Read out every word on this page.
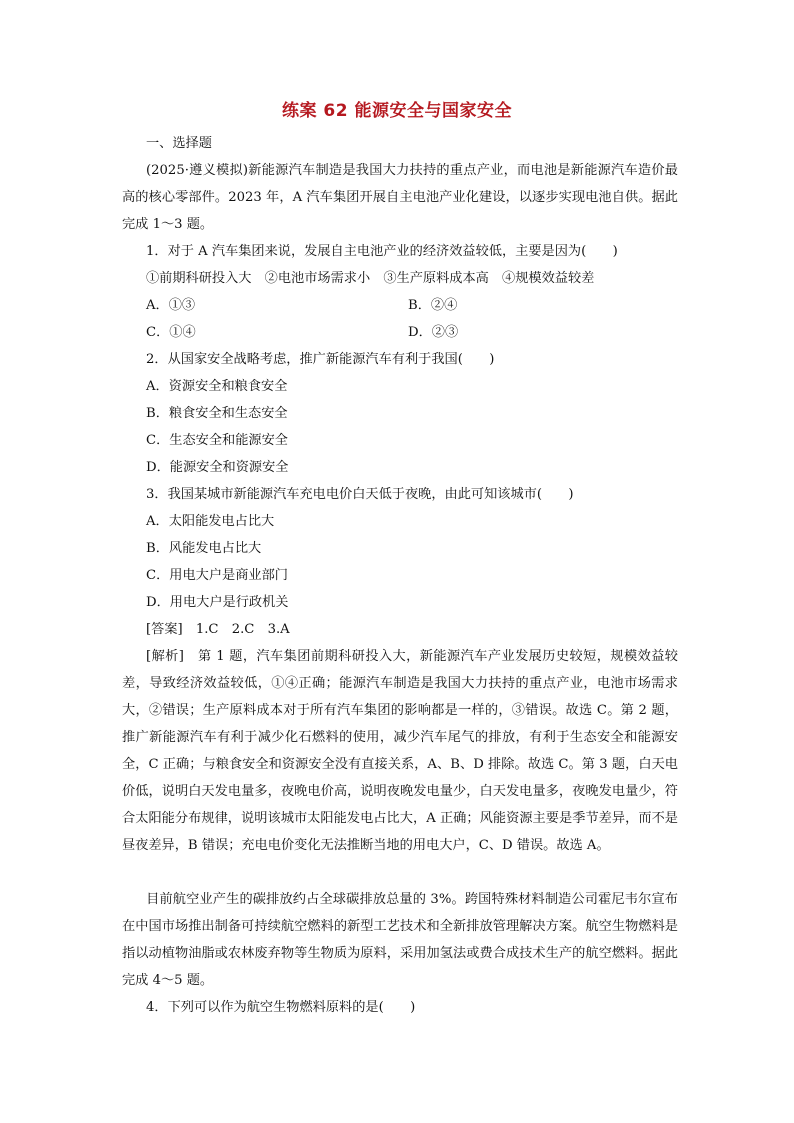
练案 62 能源安全与国家安全
一、选择题
(2025·遵义模拟)新能源汽车制造是我国大力扶持的重点产业，而电池是新能源汽车造价最高的核心零部件。2023 年，A 汽车集团开展自主电池产业化建设，以逐步实现电池自供。据此完成 1～3 题。
1．对于 A 汽车集团来说，发展自主电池产业的经济效益较低，主要是因为(　　)
①前期科研投入大　②电池市场需求小　③生产原料成本高　④规模效益较差
A．①③	B．②④
C．①④	D．②③
2．从国家安全战略考虑，推广新能源汽车有利于我国(　　)
A．资源安全和粮食安全
B．粮食安全和生态安全
C．生态安全和能源安全
D．能源安全和资源安全
3．我国某城市新能源汽车充电电价白天低于夜晚，由此可知该城市(　　)
A．太阳能发电占比大
B．风能发电占比大
C．用电大户是商业部门
D．用电大户是行政机关
[答案]　1.C　2.C　3.A
[解析]　第 1 题，汽车集团前期科研投入大，新能源汽车产业发展历史较短，规模效益较差，导致经济效益较低，①④正确；能源汽车制造是我国大力扶持的重点产业，电池市场需求大，②错误；生产原料成本对于所有汽车集团的影响都是一样的，③错误。故选 C。第 2 题，推广新能源汽车有利于减少化石燃料的使用，减少汽车尾气的排放，有利于生态安全和能源安全，C 正确；与粮食安全和资源安全没有直接关系，A、B、D 排除。故选 C。第 3 题，白天电价低，说明白天发电量多，夜晚电价高，说明夜晚发电量少，白天发电量多，夜晚发电量少，符合太阳能分布规律，说明该城市太阳能发电占比大，A 正确；风能资源主要是季节差异，而不是昼夜差异，B 错误；充电电价变化无法推断当地的用电大户，C、D 错误。故选 A。
目前航空业产生的碳排放约占全球碳排放总量的 3%。跨国特殊材料制造公司霍尼韦尔宣布在中国市场推出制备可持续航空燃料的新型工艺技术和全新排放管理解决方案。航空生物燃料是指以动植物油脂或农林废弃物等生物质为原料，采用加氢法或费合成技术生产的航空燃料。据此完成 4～5 题。
4．下列可以作为航空生物燃料原料的是(　　)
